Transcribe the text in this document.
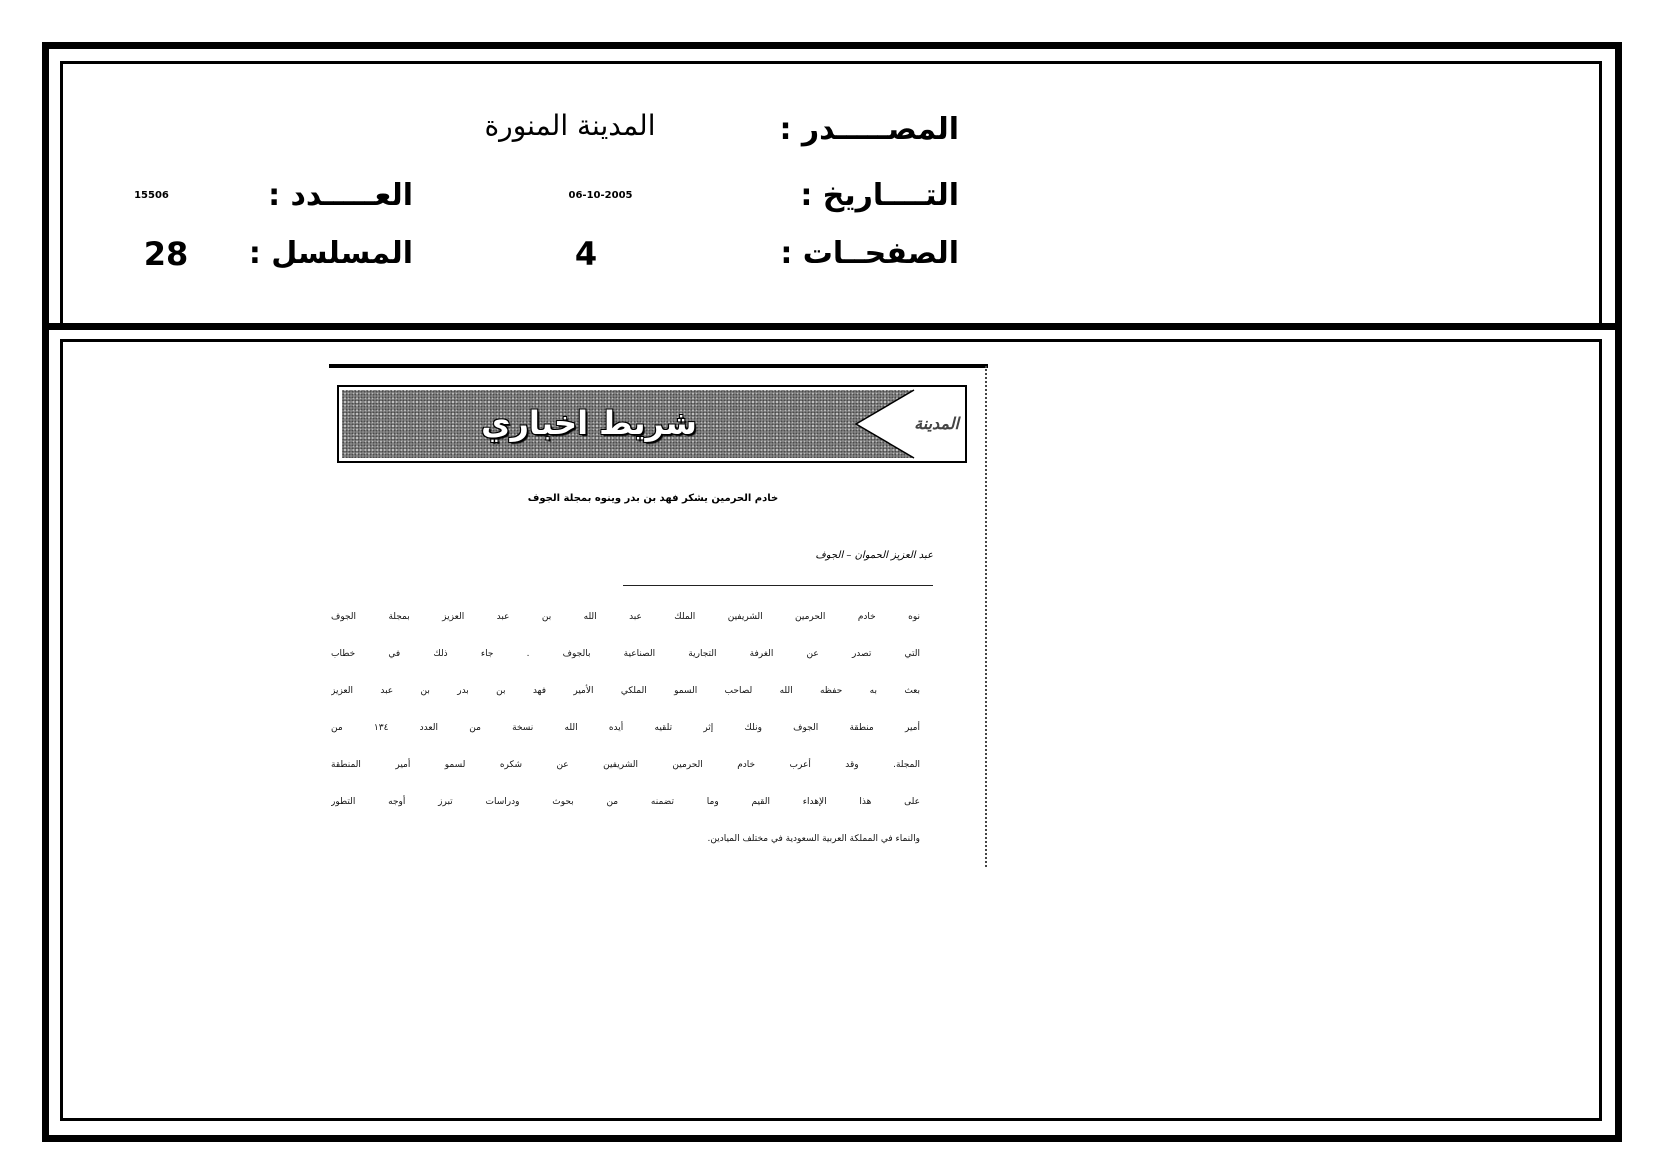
المصـــــدر :
المدينة المنورة
التــــاريخ :
06-10-2005
العـــــدد :
15506
الصفحــات :
4
المسلسل :
28
شريط اخباري	المدينة
خادم الحرمين يشكر فهد بن بدر وينوه بمجلة الجوف
عبد العزيز الحموان – الجوف
نوه خادم الحرمين الشريفين الملك عبد الله بن عبد العزيز بمجلة الجوف
التي تصدر عن الغرفة التجارية الصناعية بالجوف . جاء ذلك في خطاب
بعث به حفظه الله لصاحب السمو الملكي الأمير فهد بن بدر بن عبد العزيز
أمير منطقة الجوف ونلك إثر تلقيه أيده الله نسخة من العدد ١٣٤ من
المجلة. وقد أعرب خادم الحرمين الشريفين عن شكره لسمو أمير المنطقة
على هذا الإهداء القيم وما تضمنه من بحوث ودراسات تبرز أوجه التطور
والنماء في المملكة العربية السعودية في مختلف الميادين.
